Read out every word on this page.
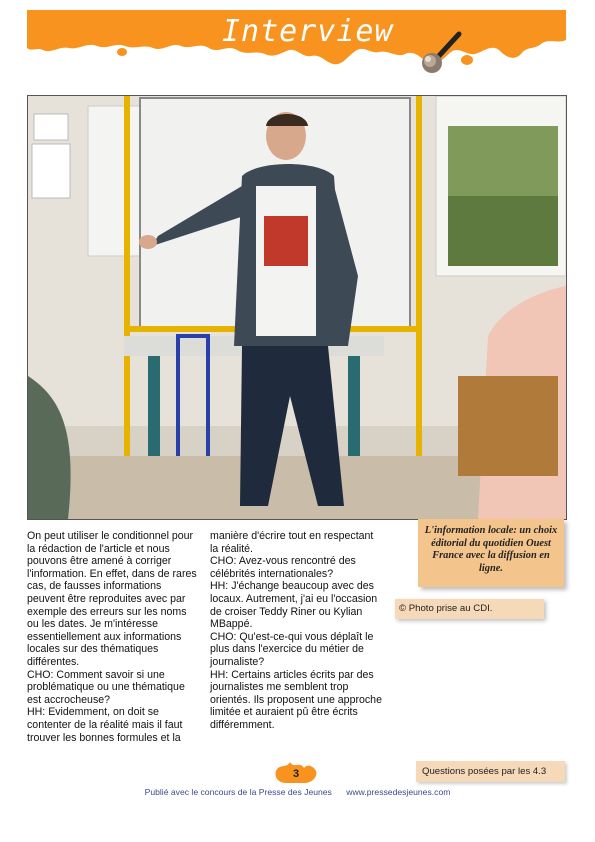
Interview

On peut utiliser le conditionnel pour la rédaction de l'article et nous pouvons être amené à corriger l'information. En effet, dans de rares cas, de fausses informations peuvent être reproduites avec par exemple des erreurs sur les noms ou les dates. Je m'intéresse essentiellement aux informations locales sur des thématiques différentes.

CHO: Comment savoir si une problématique ou une thématique est accrocheuse?

HH: Evidemment, on doit se contenter de la réalité mais il faut trouver les bonnes formules et la

manière d'écrire tout en respectant la réalité.

CHO: Avez-vous rencontré des célébrités internationales?

HH: J'échange beaucoup avec des locaux. Autrement, j'ai eu l'occasion de croiser Teddy Riner ou Kylian MBappé.

CHO: Qu'est-ce-qui vous déplaît le plus dans l'exercice du métier de journaliste?

HH: Certains articles écrits par des journalistes me semblent trop orientés. Ils proposent une approche limitée et auraient pû être écrits différemment.

L'information locale: un choix éditorial du quotidien Ouest France avec la diffusion en ligne.
© Photo prise au CDI.
3	Questions posées par les 4.3
Publié avec le concours de la Presse des Jeunes www.pressedesjeunes.com
